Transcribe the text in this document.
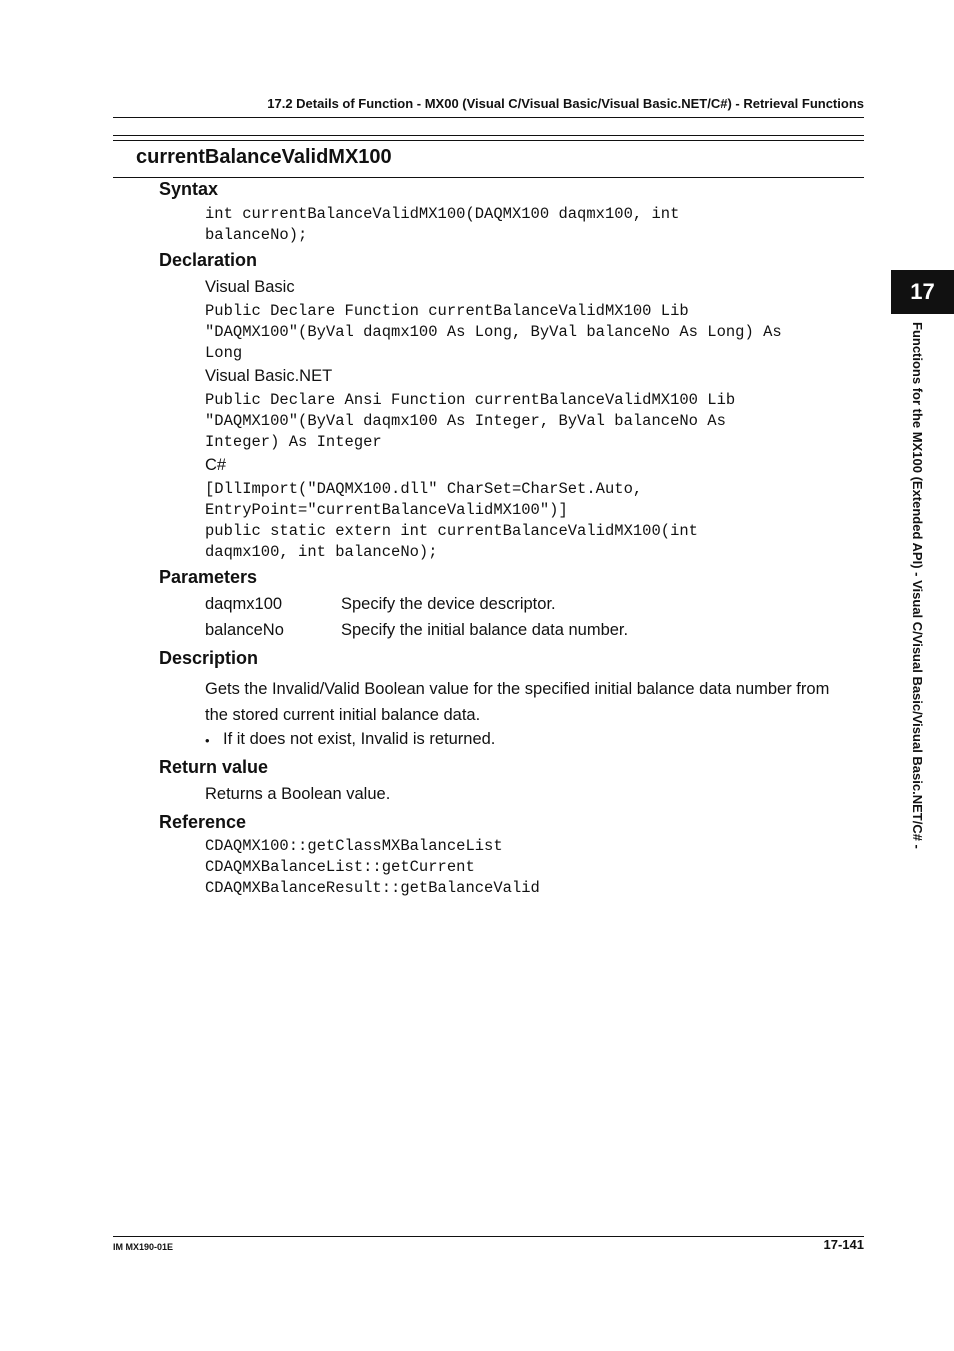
17.2 Details of Function - MX00 (Visual C/Visual Basic/Visual Basic.NET/C#) - Retrieval Functions
currentBalanceValidMX100
Syntax
int currentBalanceValidMX100(DAQMX100 daqmx100, int
balanceNo);
Declaration
Visual Basic
Public Declare Function currentBalanceValidMX100 Lib
"DAQMX100"(ByVal daqmx100 As Long, ByVal balanceNo As Long) As
Long
Visual Basic.NET
Public Declare Ansi Function currentBalanceValidMX100 Lib
"DAQMX100"(ByVal daqmx100 As Integer, ByVal balanceNo As
Integer) As Integer
C#
[DllImport("DAQMX100.dll" CharSet=CharSet.Auto,
EntryPoint="currentBalanceValidMX100")]
public static extern int currentBalanceValidMX100(int
daqmx100, int balanceNo);
Parameters
daqmx100	Specify the device descriptor.
balanceNo	Specify the initial balance data number.
Description
Gets the Invalid/Valid Boolean value for the specified initial balance data number from the stored current initial balance data.
• If it does not exist, Invalid is returned.
Return value
Returns a Boolean value.
Reference
CDAQMX100::getClassMXBalanceList
CDAQMXBalanceList::getCurrent
CDAQMXBalanceResult::getBalanceValid
17
Functions for the MX100 (Extended API) - Visual C/Visual Basic/Visual Basic.NET/C# -
IM MX190-01E	17-141
